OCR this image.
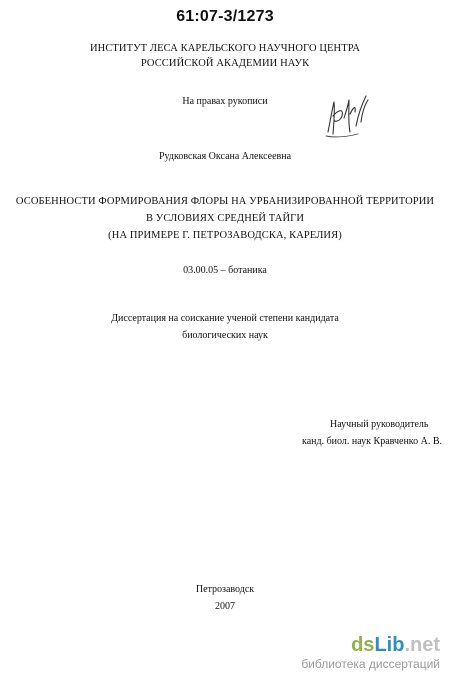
61:07-3/1273
ИНСТИТУТ ЛЕСА КАРЕЛЬСКОГО НАУЧНОГО ЦЕНТРА
РОССИЙСКОЙ АКАДЕМИИ НАУК
На правах рукописи
Рудковская Оксана Алексеевна
ОСОБЕННОСТИ ФОРМИРОВАНИЯ ФЛОРЫ НА УРБАНИЗИРОВАННОЙ ТЕРРИТОРИИ
В УСЛОВИЯХ СРЕДНЕЙ ТАЙГИ
(НА ПРИМЕРЕ Г. ПЕТРОЗАВОДСКА, КАРЕЛИЯ)
03.00.05 – ботаника
Диссертация на соискание ученой степени кандидата
биологических наук
Научный руководитель
канд. биол. наук Кравченко А. В.
Петрозаводск
2007
dsLib.net
библиотека диссертаций
